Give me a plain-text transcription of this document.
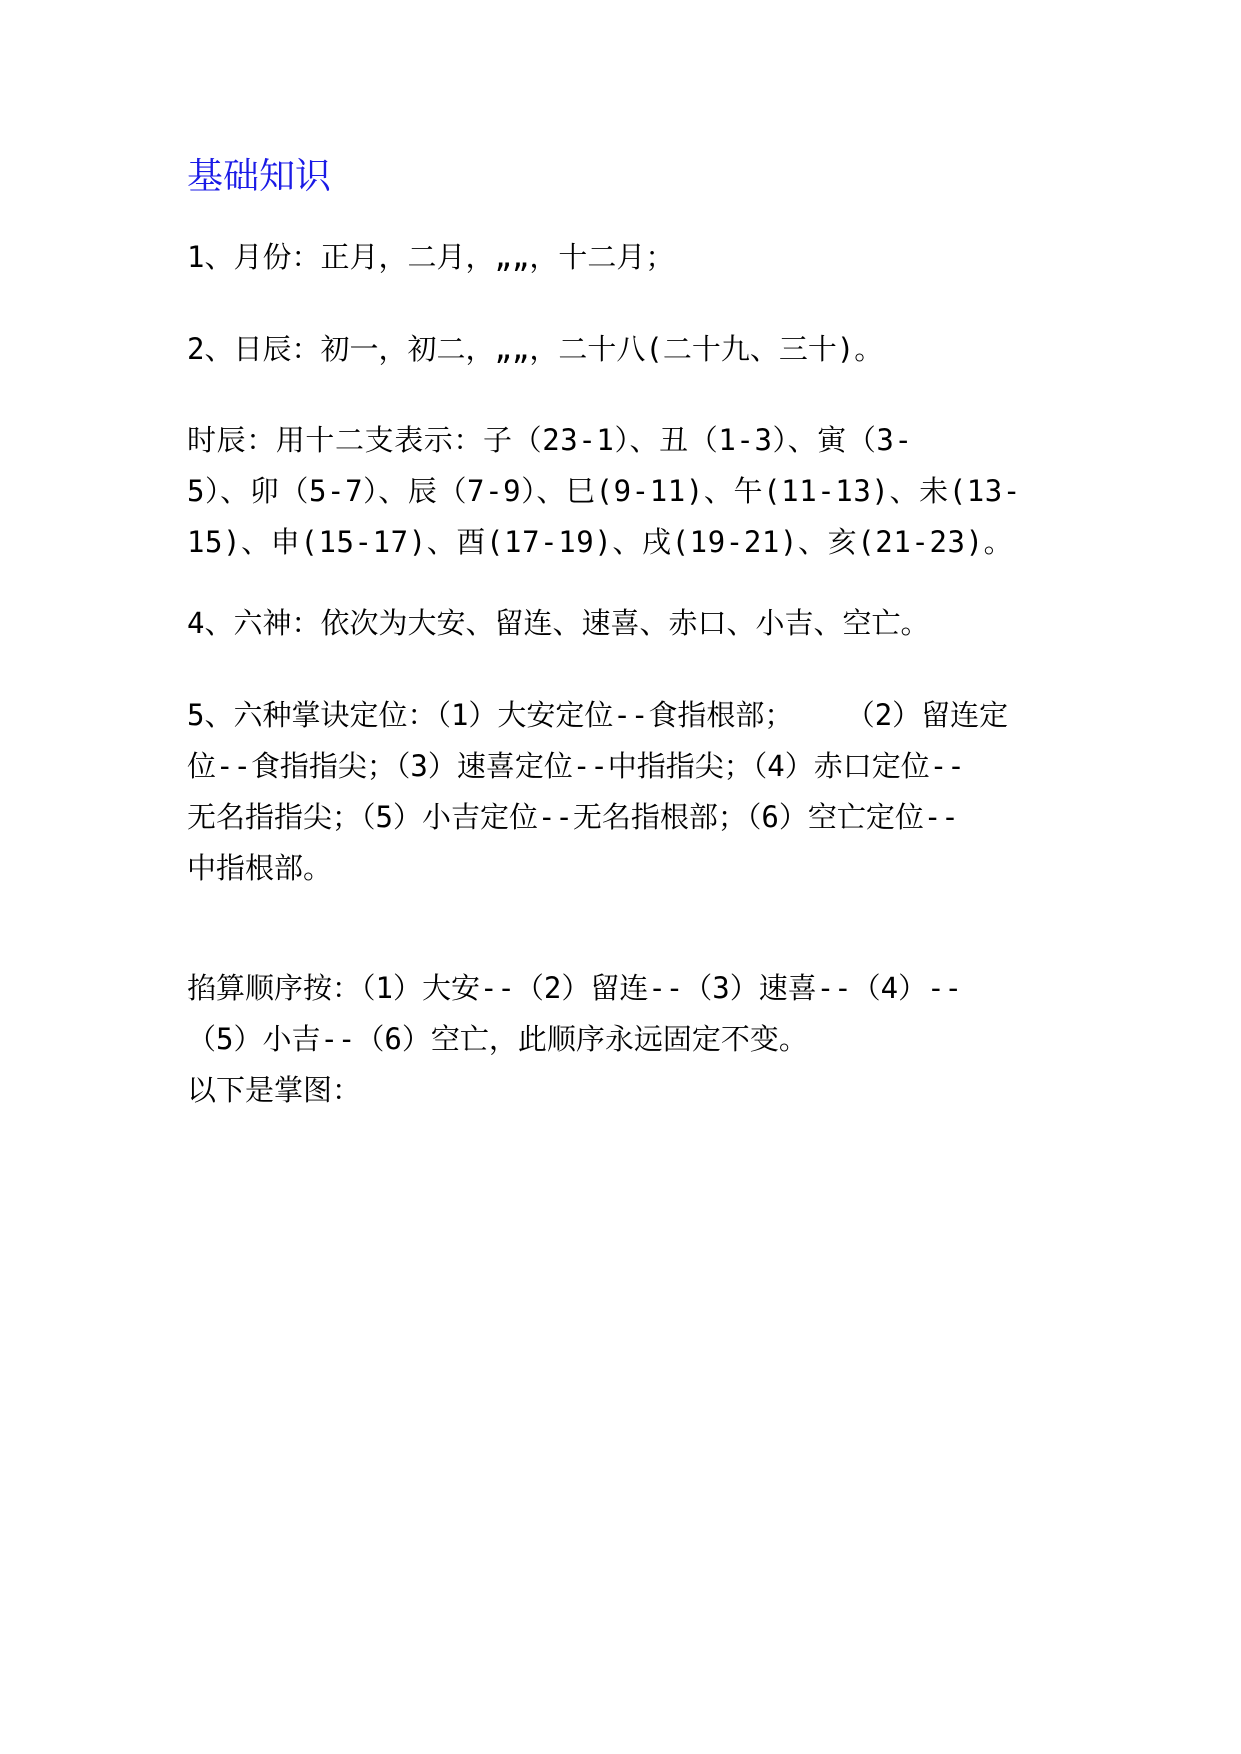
基础知识

1、月份：正月，二月，„„，十二月；

2、日辰：初一，初二，„„，二十八(二十九、三十)。

时辰：用十二支表示：子（23-1）、丑（1-3）、寅（3-
5）、卯（5-7）、辰（7-9）、巳(9-11)、午(11-13)、未(13-
15)、申(15-17)、酉(17-19)、戌(19-21)、亥(21-23)。

4、六神：依次为大安、留连、速喜、赤口、小吉、空亡。

5、六种掌诀定位：（1）大安定位--食指根部；   （2）留连定
位--食指指尖；（3）速喜定位--中指指尖；（4）赤口定位--
无名指指尖；（5）小吉定位--无名指根部；（6）空亡定位--
中指根部。

掐算顺序按：（1）大安--（2）留连--（3）速喜--（4）--
（5）小吉--（6）空亡，此顺序永远固定不变。
以下是掌图：
